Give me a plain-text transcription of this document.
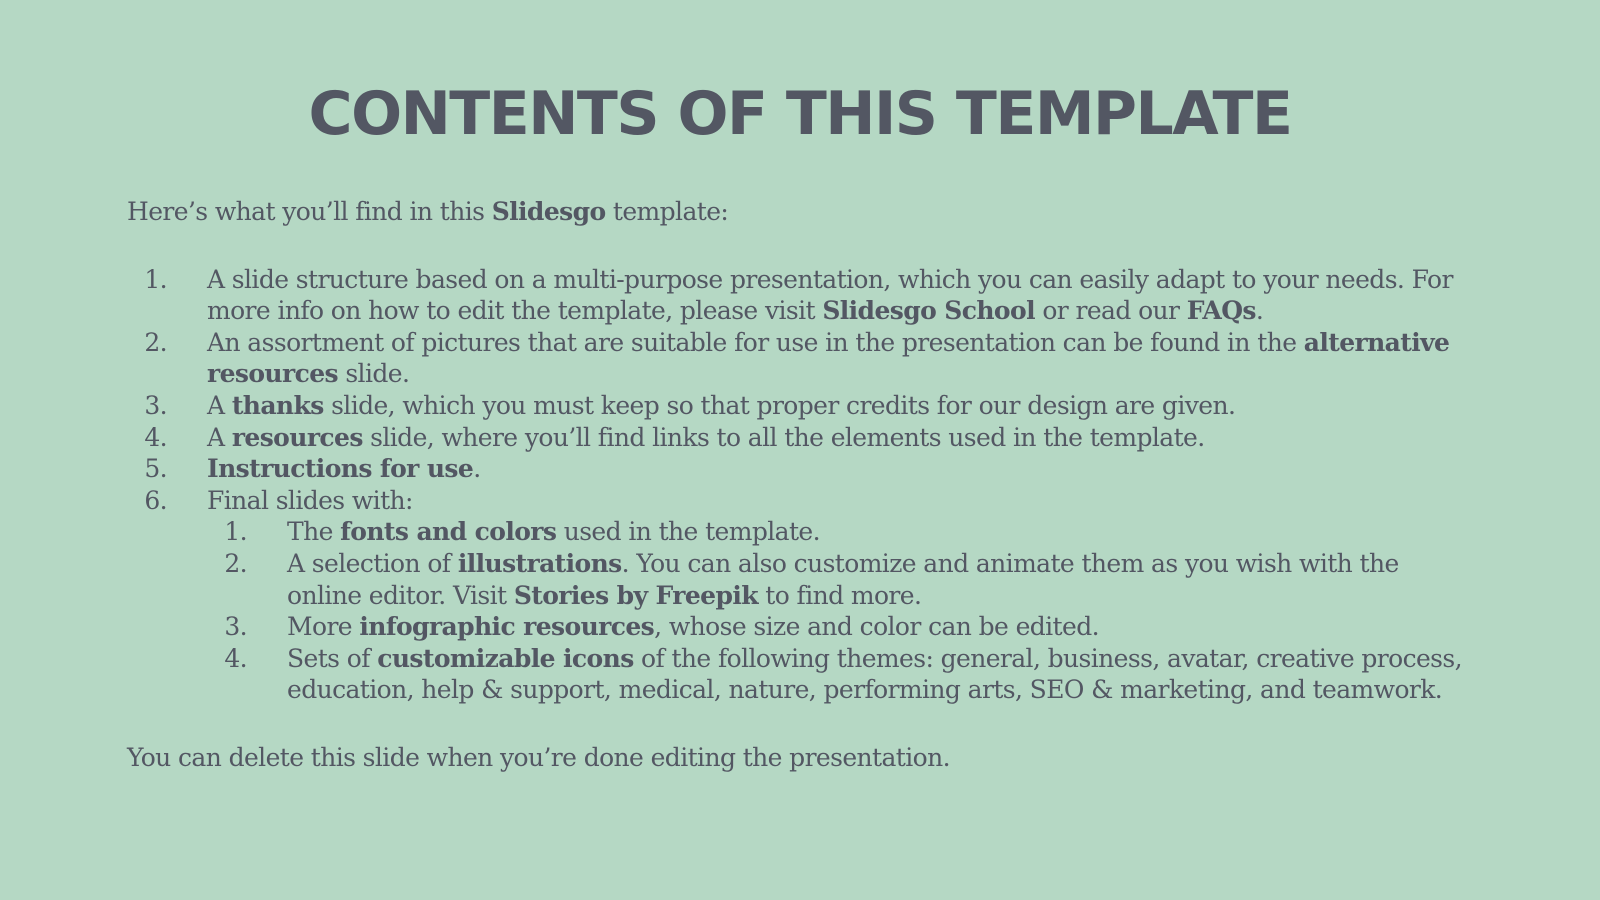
CONTENTS OF THIS TEMPLATE

Here’s what you’ll find in this Slidesgo template:

1. A slide structure based on a multi-purpose presentation, which you can easily adapt to your needs. For more info on how to edit the template, please visit Slidesgo School or read our FAQs.
2. An assortment of pictures that are suitable for use in the presentation can be found in the alternative resources slide.
3. A thanks slide, which you must keep so that proper credits for our design are given.
4. A resources slide, where you’ll find links to all the elements used in the template.
5. Instructions for use.
6. Final slides with:
1. The fonts and colors used in the template.
2. A selection of illustrations. You can also customize and animate them as you wish with the online editor. Visit Stories by Freepik to find more.
3. More infographic resources, whose size and color can be edited.
4. Sets of customizable icons of the following themes: general, business, avatar, creative process, education, help & support, medical, nature, performing arts, SEO & marketing, and teamwork.

You can delete this slide when you’re done editing the presentation.
